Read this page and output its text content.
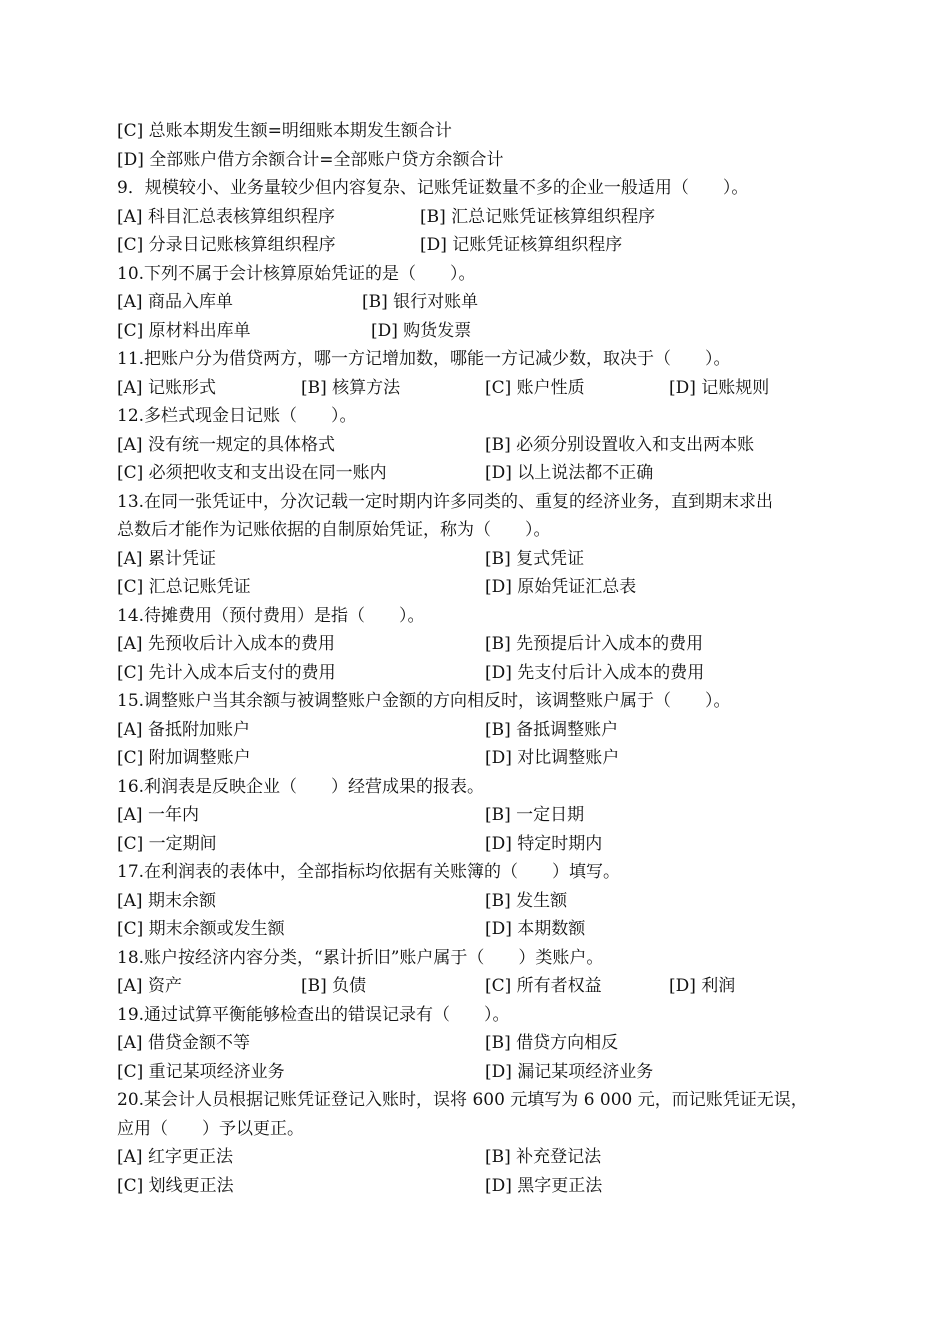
[C] 总账本期发生额=明细账本期发生额合计
[D] 全部账户借方余额合计=全部账户贷方余额合计
9．规模较小、业务量较少但内容复杂、记账凭证数量不多的企业一般适用（　　）。
[A] 科目汇总表核算组织程序	[B] 汇总记账凭证核算组织程序
[C] 分录日记账核算组织程序	[D] 记账凭证核算组织程序
10.下列不属于会计核算原始凭证的是（　　）。
[A] 商品入库单	[B] 银行对账单
[C] 原材料出库单	[D] 购货发票
11.把账户分为借贷两方，哪一方记增加数，哪能一方记减少数，取决于（　　）。
[A] 记账形式	[B] 核算方法	[C] 账户性质	[D] 记账规则
12.多栏式现金日记账（　　）。
[A] 没有统一规定的具体格式	[B] 必须分别设置收入和支出两本账
[C] 必须把收支和支出设在同一账内	[D] 以上说法都不正确
13.在同一张凭证中，分次记载一定时期内许多同类的、重复的经济业务，直到期末求出
总数后才能作为记账依据的自制原始凭证，称为（　　）。
[A] 累计凭证	[B] 复式凭证
[C] 汇总记账凭证	[D] 原始凭证汇总表
14.待摊费用（预付费用）是指（　　）。
[A] 先预收后计入成本的费用	[B] 先预提后计入成本的费用
[C] 先计入成本后支付的费用	[D] 先支付后计入成本的费用
15.调整账户当其余额与被调整账户金额的方向相反时，该调整账户属于（　　）。
[A] 备抵附加账户	[B] 备抵调整账户
[C] 附加调整账户	[D] 对比调整账户
16.利润表是反映企业（　　）经营成果的报表。
[A] 一年内	[B] 一定日期
[C] 一定期间	[D] 特定时期内
17.在利润表的表体中，全部指标均依据有关账簿的（　　）填写。
[A] 期末余额	[B] 发生额
[C] 期末余额或发生额	[D] 本期数额
18.账户按经济内容分类，“累计折旧”账户属于（　　）类账户。
[A] 资产	[B] 负债	[C] 所有者权益	[D] 利润
19.通过试算平衡能够检查出的错误记录有（　　）。
[A] 借贷金额不等	[B] 借贷方向相反
[C] 重记某项经济业务	[D] 漏记某项经济业务
20.某会计人员根据记账凭证登记入账时，误将 600 元填写为 6 000 元，而记账凭证无误，
应用（　　）予以更正。
[A] 红字更正法	[B] 补充登记法
[C] 划线更正法	[D] 黑字更正法
